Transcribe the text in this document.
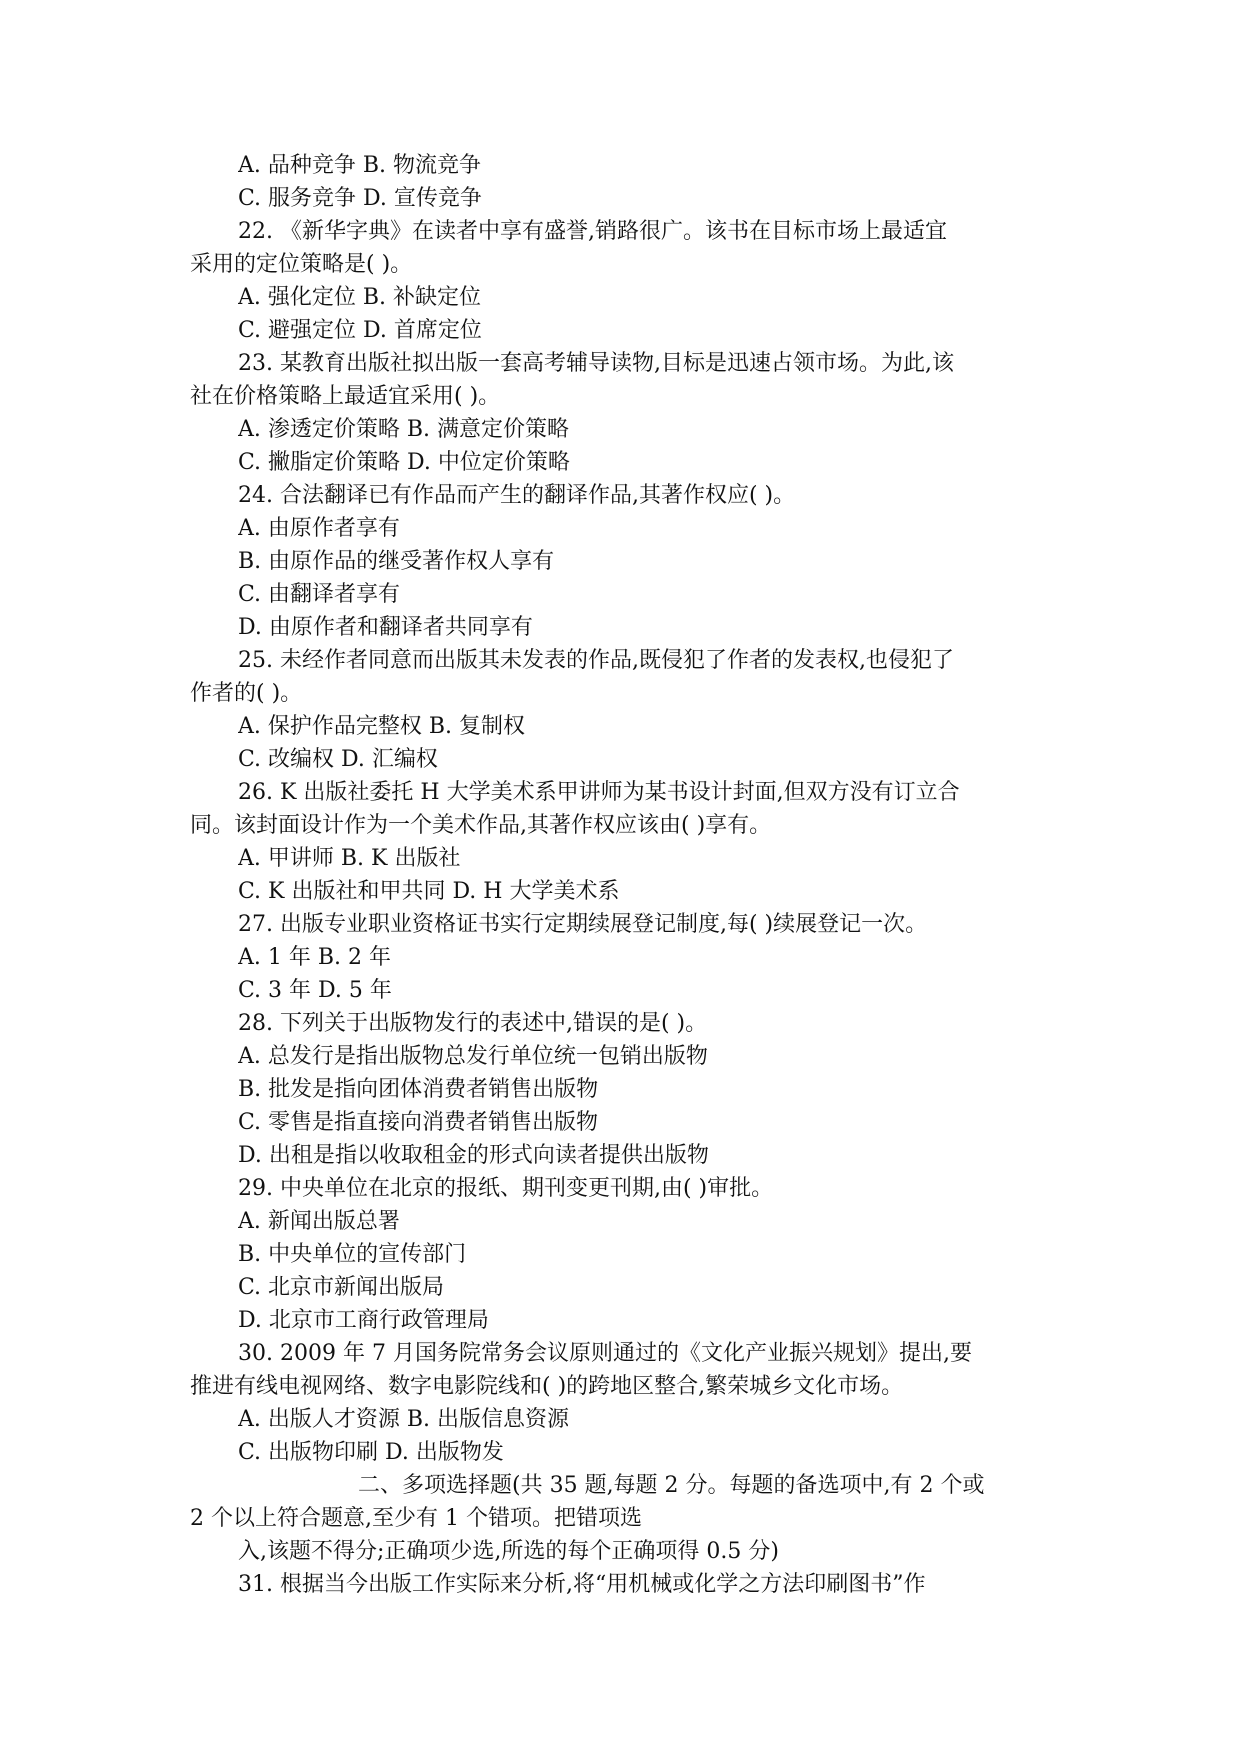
A. 品种竞争 B. 物流竞争
C. 服务竞争 D. 宣传竞争
22. 《新华字典》在读者中享有盛誉,销路很广。该书在目标市场上最适宜
采用的定位策略是( )。
A. 强化定位 B. 补缺定位
C. 避强定位 D. 首席定位
23. 某教育出版社拟出版一套高考辅导读物,目标是迅速占领市场。为此,该
社在价格策略上最适宜采用( )。
A. 渗透定价策略 B. 满意定价策略
C. 撇脂定价策略 D. 中位定价策略
24. 合法翻译已有作品而产生的翻译作品,其著作权应( )。
A. 由原作者享有
B. 由原作品的继受著作权人享有
C. 由翻译者享有
D. 由原作者和翻译者共同享有
25. 未经作者同意而出版其未发表的作品,既侵犯了作者的发表权,也侵犯了
作者的( )。
A. 保护作品完整权 B. 复制权
C. 改编权 D. 汇编权
26. K 出版社委托 H 大学美术系甲讲师为某书设计封面,但双方没有订立合
同。该封面设计作为一个美术作品,其著作权应该由( )享有。
A. 甲讲师 B. K 出版社
C. K 出版社和甲共同 D. H 大学美术系
27. 出版专业职业资格证书实行定期续展登记制度,每( )续展登记一次。
A. 1 年 B. 2 年
C. 3 年 D. 5 年
28. 下列关于出版物发行的表述中,错误的是( )。
A. 总发行是指出版物总发行单位统一包销出版物
B. 批发是指向团体消费者销售出版物
C. 零售是指直接向消费者销售出版物
D. 出租是指以收取租金的形式向读者提供出版物
29. 中央单位在北京的报纸、期刊变更刊期,由( )审批。
A. 新闻出版总署
B. 中央单位的宣传部门
C. 北京市新闻出版局
D. 北京市工商行政管理局
30. 2009 年 7 月国务院常务会议原则通过的《文化产业振兴规划》提出,要
推进有线电视网络、数字电影院线和( )的跨地区整合,繁荣城乡文化市场。
A. 出版人才资源 B. 出版信息资源
C. 出版物印刷 D. 出版物发
二、多项选择题(共 35 题,每题 2 分。每题的备选项中,有 2 个或
2 个以上符合题意,至少有 1 个错项。把错项选
入,该题不得分;正确项少选,所选的每个正确项得 0.5 分)
31. 根据当今出版工作实际来分析,将“用机械或化学之方法印刷图书”作
